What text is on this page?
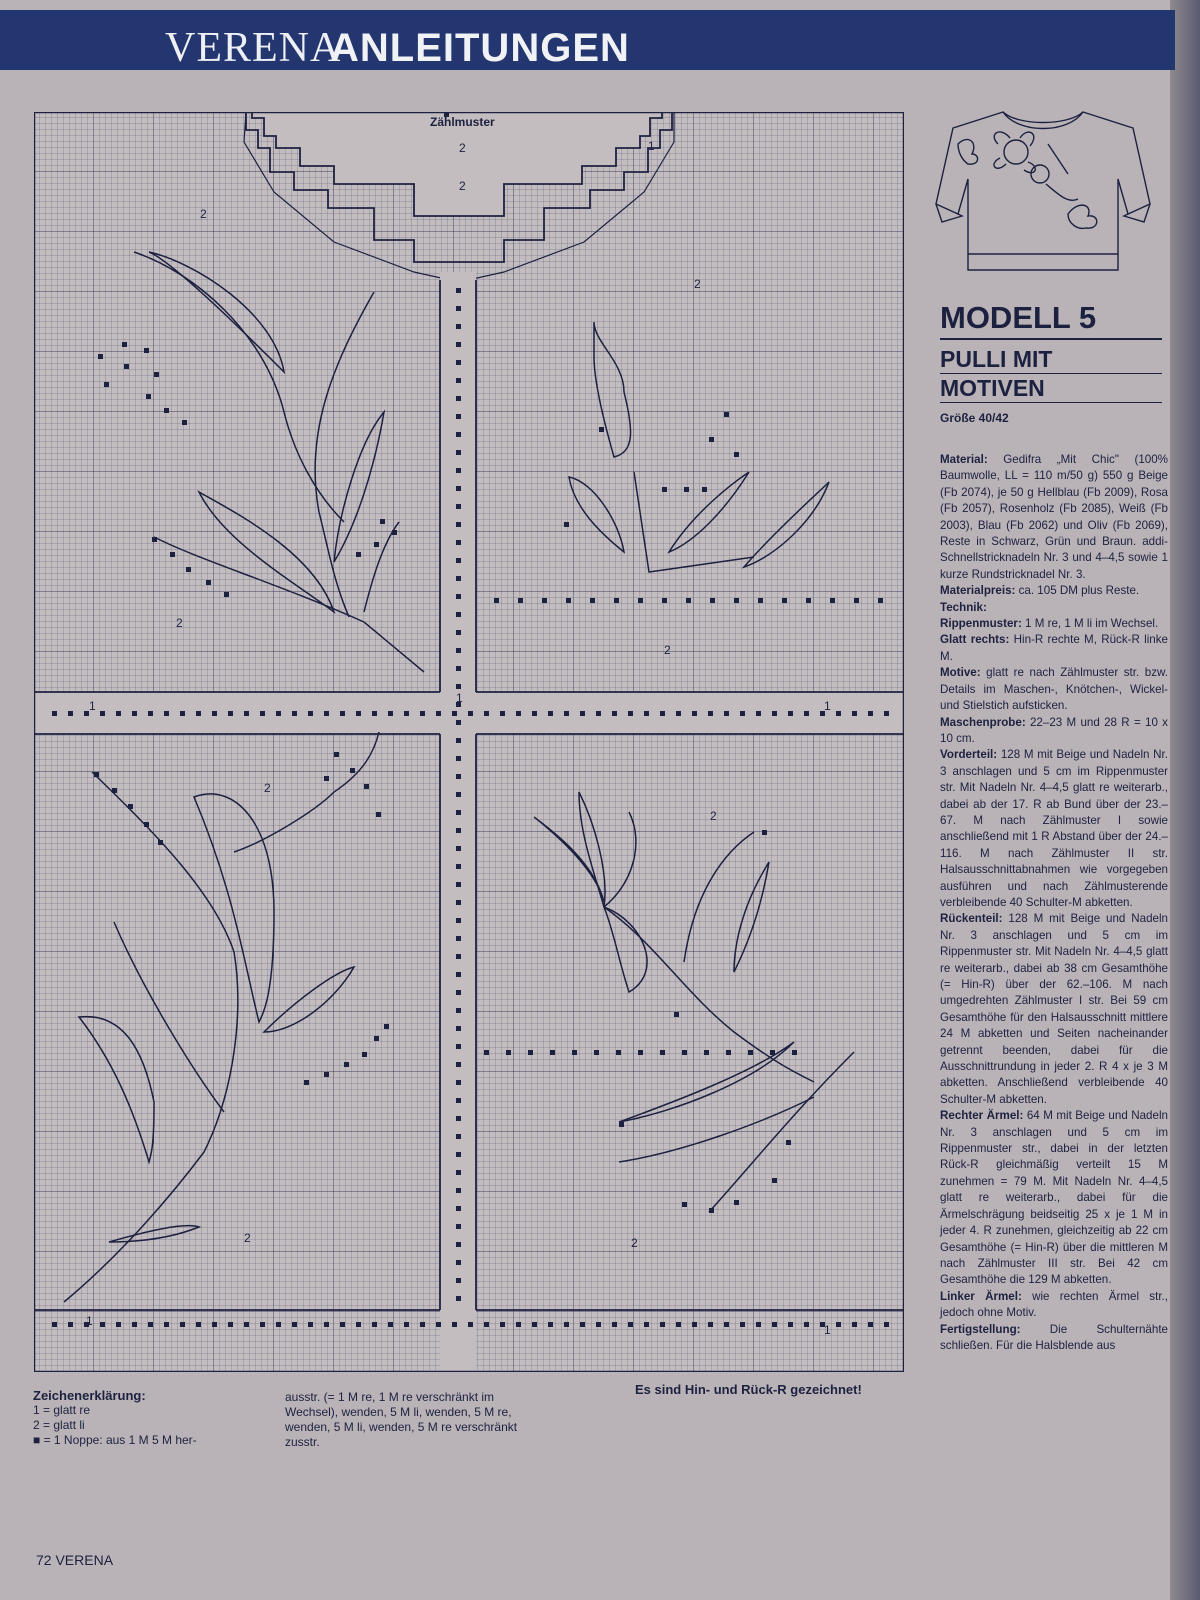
VERENA
ANLEITUNGEN
2
2
2
2
2
1
1
1
2
2
2	2
2
1
1
1
Zählmuster
Es sind Hin- und Rück-R gezeichnet!
Zeichenerklärung:
1 = glatt re
2 = glatt li
■ = 1 Noppe: aus 1 M 5 M her-
ausstr. (= 1 M re, 1 M re verschränkt im Wechsel), wenden, 5 M li, wenden, 5 M re, wenden, 5 M li, wenden, 5 M re verschränkt zusstr.
MODELL 5
PULLI MIT
MOTIVEN
Größe 40/42
Material: Gedifra „Mit Chic" (100% Baumwolle, LL = 110 m/50 g) 550 g Beige (Fb 2074), je 50 g Hellblau (Fb 2009), Rosa (Fb 2057), Rosenholz (Fb 2085), Weiß (Fb 2003), Blau (Fb 2062) und Oliv (Fb 2069), Reste in Schwarz, Grün und Braun. addi-Schnellstricknadeln Nr. 3 und 4–4,5 sowie 1 kurze Rundstricknadel Nr. 3.
Materialpreis: ca. 105 DM plus Reste.
Technik:
Rippenmuster: 1 M re, 1 M li im Wechsel.
Glatt rechts: Hin-R rechte M, Rück-R linke M.
Motive: glatt re nach Zählmuster str. bzw. Details im Maschen-, Knötchen-, Wickel- und Stielstich aufsticken.
Maschenprobe: 22–23 M und 28 R = 10 x 10 cm.
Vorderteil: 128 M mit Beige und Nadeln Nr. 3 anschlagen und 5 cm im Rippenmuster str. Mit Nadeln Nr. 4–4,5 glatt re weiterarb., dabei ab der 17. R ab Bund über der 23.–67. M nach Zählmuster I sowie anschließend mit 1 R Abstand über der 24.–116. M nach Zählmuster II str. Halsausschnittabnahmen wie vorgegeben ausführen und nach Zählmusterende verbleibende 40 Schulter-M abketten.
Rückenteil: 128 M mit Beige und Nadeln Nr. 3 anschlagen und 5 cm im Rippenmuster str. Mit Nadeln Nr. 4–4,5 glatt re weiterarb., dabei ab 38 cm Gesamthöhe (= Hin-R) über der 62.–106. M nach umgedrehten Zählmuster I str. Bei 59 cm Gesamthöhe für den Halsausschnitt mittlere 24 M abketten und Seiten nacheinander getrennt beenden, dabei für die Ausschnittrundung in jeder 2. R 4 x je 3 M abketten. Anschließend verbleibende 40 Schulter-M abketten.
Rechter Ärmel: 64 M mit Beige und Nadeln Nr. 3 anschlagen und 5 cm im Rippenmuster str., dabei in der letzten Rück-R gleichmäßig verteilt 15 M zunehmen = 79 M. Mit Nadeln Nr. 4–4,5 glatt re weiterarb., dabei für die Ärmelschrägung beidseitig 25 x je 1 M in jeder 4. R zunehmen, gleichzeitig ab 22 cm Gesamthöhe (= Hin-R) über die mittleren M nach Zählmuster III str. Bei 42 cm Gesamthöhe die 129 M abketten.
Linker Ärmel: wie rechten Ärmel str., jedoch ohne Motiv.
Fertigstellung:	Die Schulternähte schließen. Für die Halsblende aus
72 VERENA
